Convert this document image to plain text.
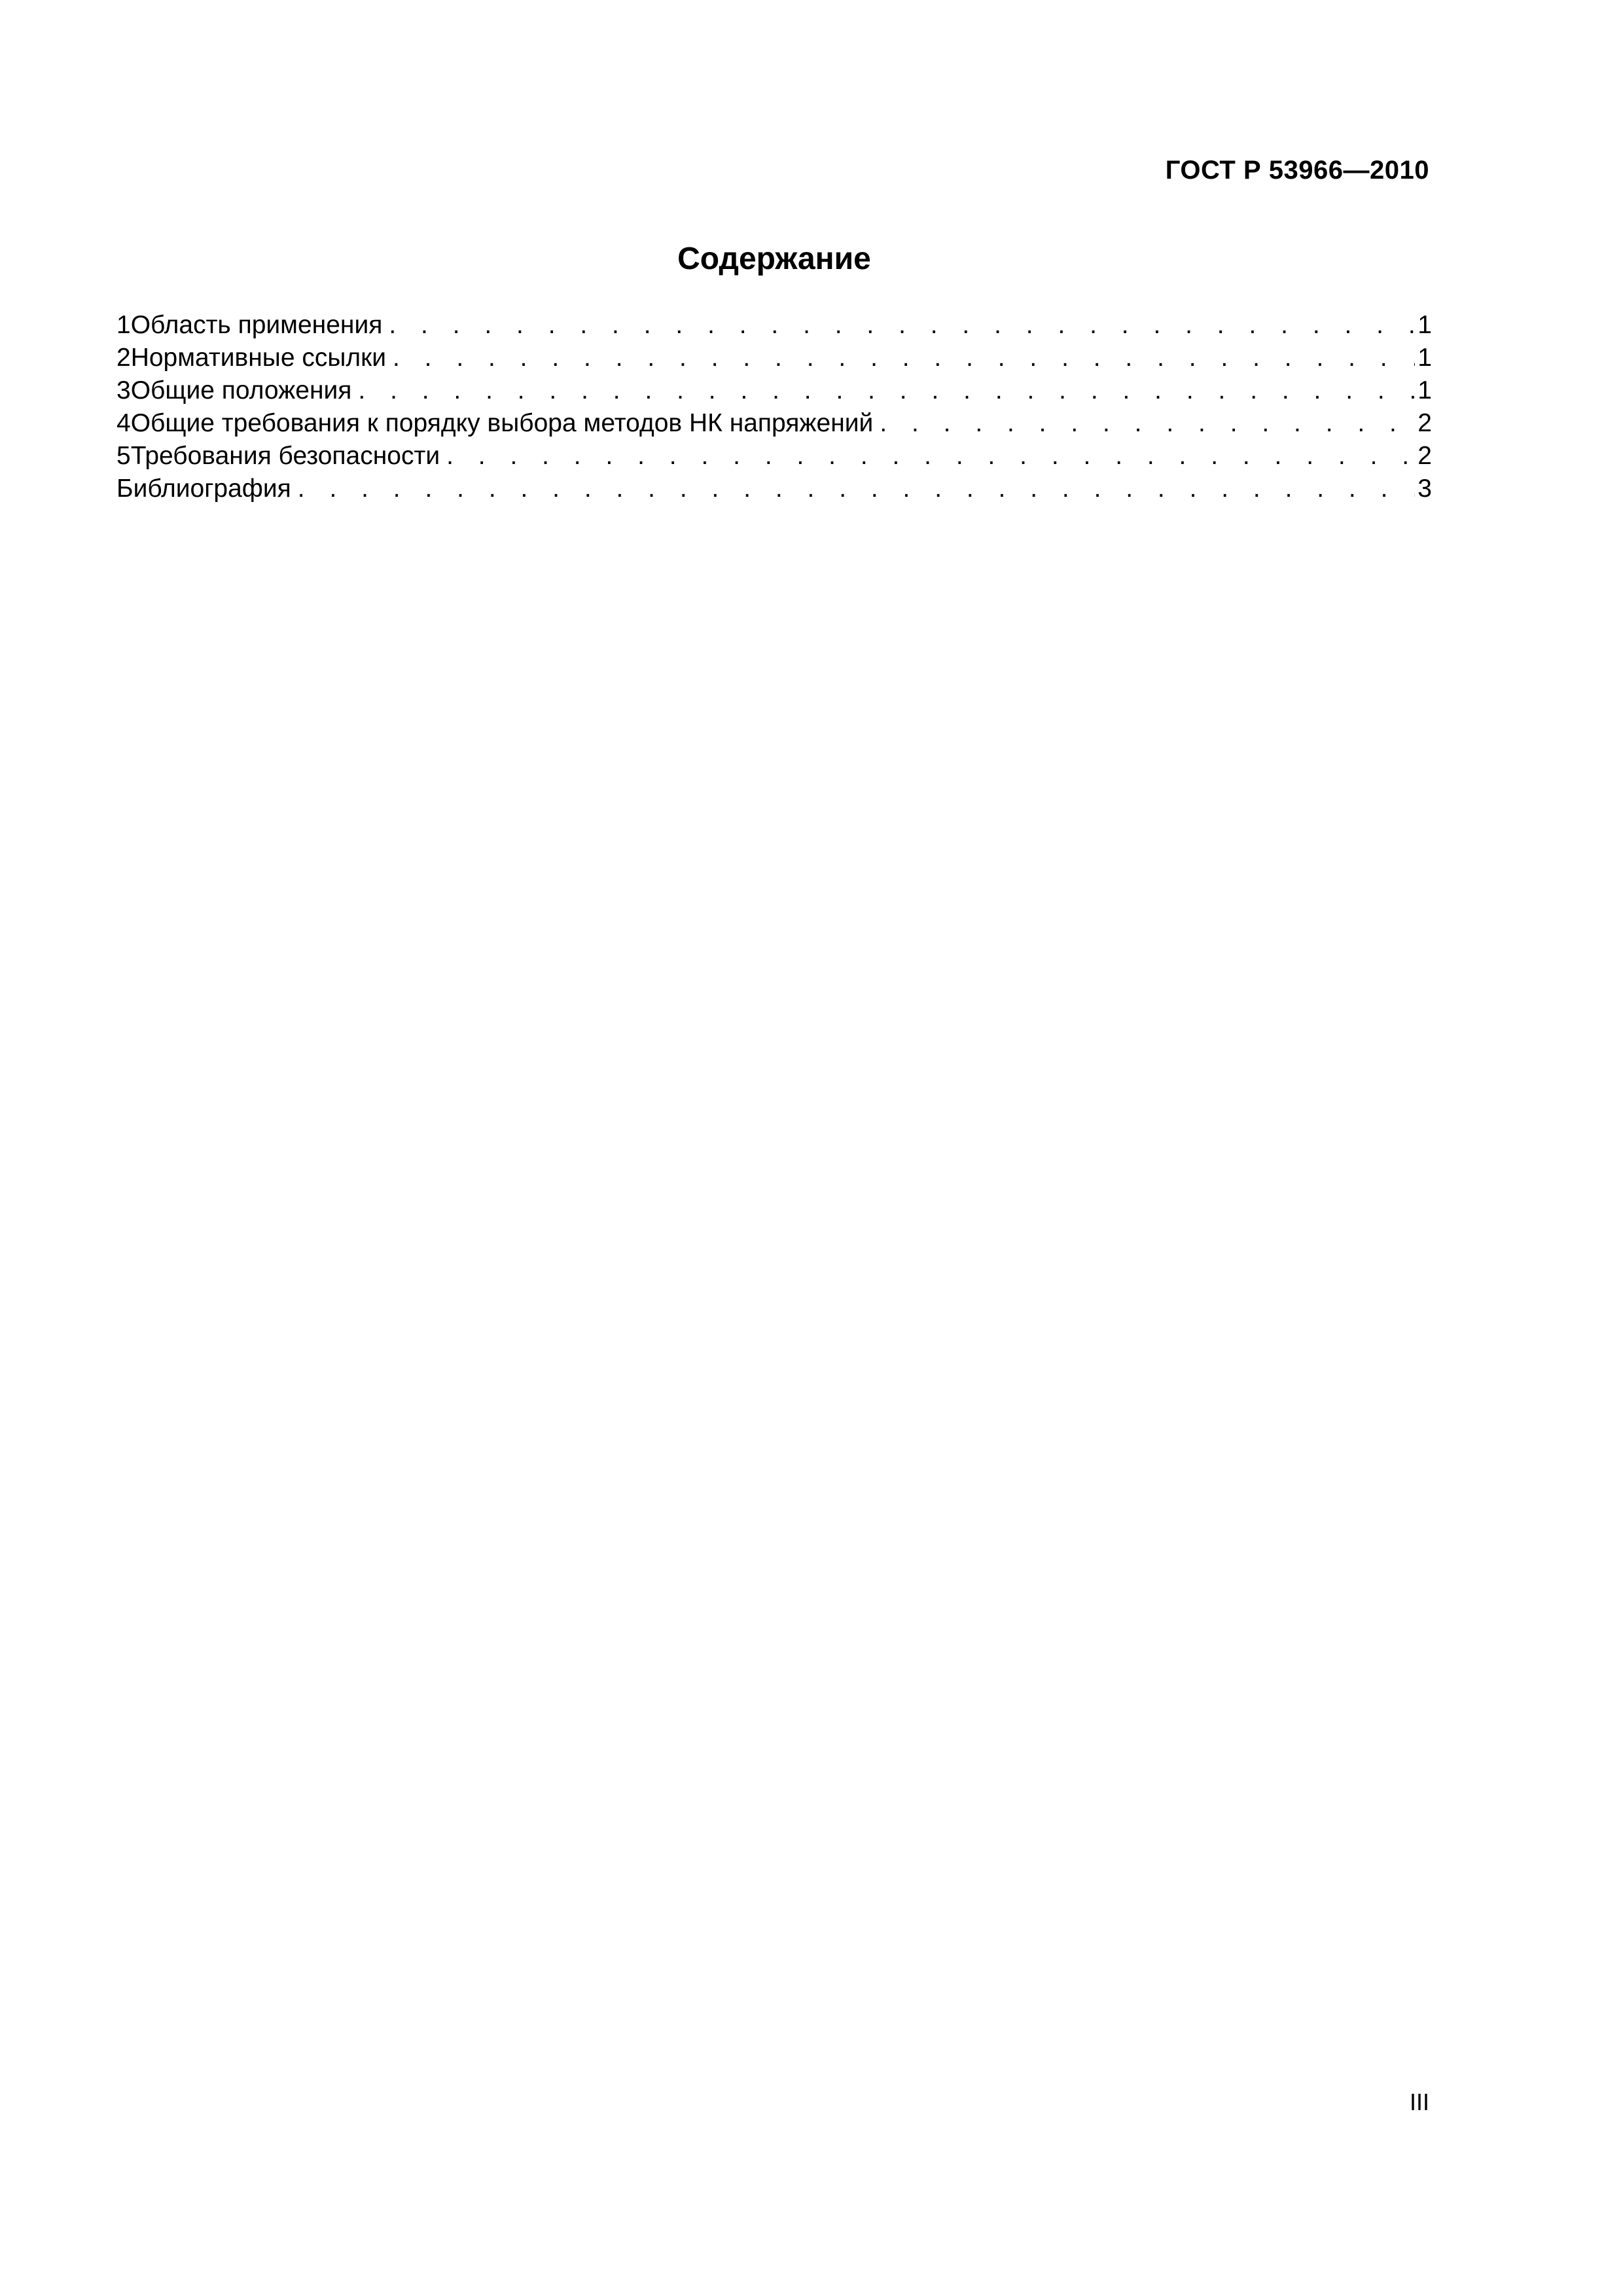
ГОСТ Р 53966—2010
Содержание
1 Область применения . . .	1
2 Нормативные ссылки . . .	1
3 Общие положения . . .	1
4 Общие требования к порядку выбора методов НК напряжений . . .	2
5 Требования безопасности . . .	2
Библиография . . .	3
III
